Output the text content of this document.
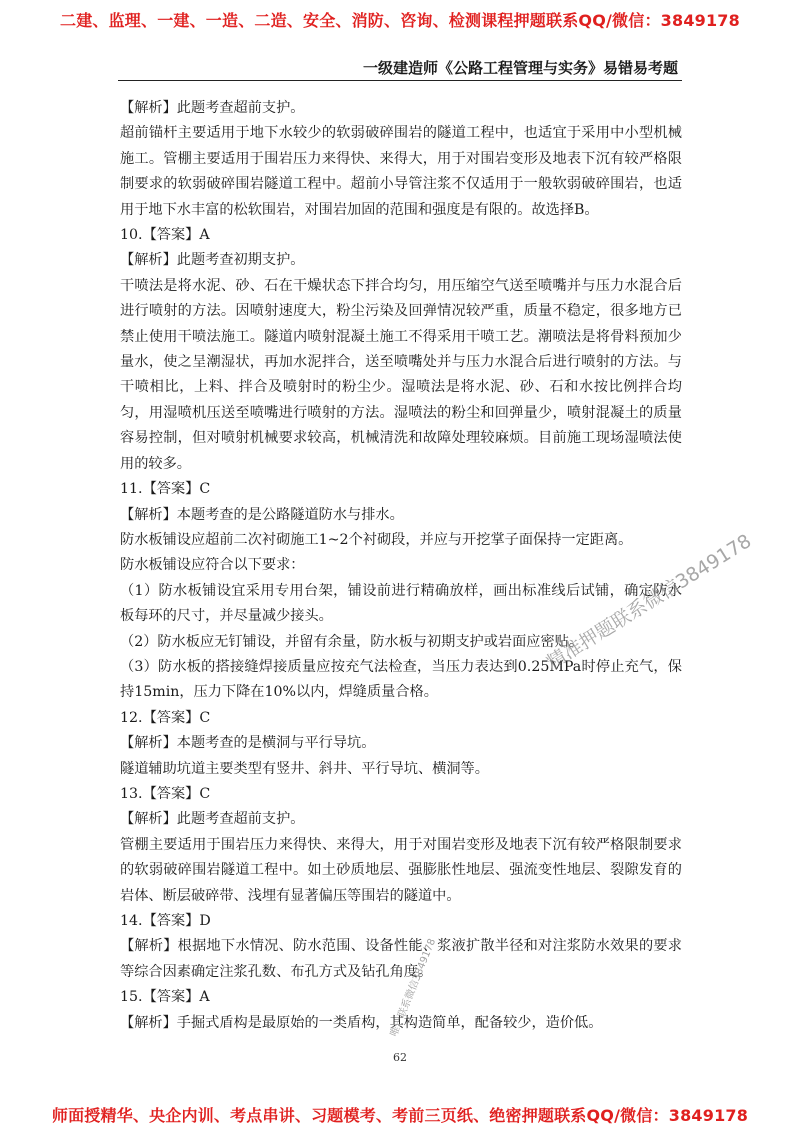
二建、监理、一建、一造、二造、安全、消防、咨询、检测课程押题联系QQ/微信：3849178
一级建造师《公路工程管理与实务》易错易考题

【解析】此题考查超前支护。

超前锚杆主要适用于地下水较少的软弱破碎围岩的隧道工程中，也适宜于采用中小型机械施工。管棚主要适用于围岩压力来得快、来得大，用于对围岩变形及地表下沉有较严格限制要求的软弱破碎围岩隧道工程中。超前小导管注浆不仅适用于一般软弱破碎围岩，也适用于地下水丰富的松软围岩，对围岩加固的范围和强度是有限的。故选择B。

10.【答案】A

【解析】此题考查初期支护。

干喷法是将水泥、砂、石在干燥状态下拌合均匀，用压缩空气送至喷嘴并与压力水混合后进行喷射的方法。因喷射速度大，粉尘污染及回弹情况较严重，质量不稳定，很多地方已禁止使用干喷法施工。隧道内喷射混凝土施工不得采用干喷工艺。潮喷法是将骨料预加少量水，使之呈潮湿状，再加水泥拌合，送至喷嘴处并与压力水混合后进行喷射的方法。与干喷相比，上料、拌合及喷射时的粉尘少。湿喷法是将水泥、砂、石和水按比例拌合均匀，用湿喷机压送至喷嘴进行喷射的方法。湿喷法的粉尘和回弹量少，喷射混凝土的质量容易控制，但对喷射机械要求较高，机械清洗和故障处理较麻烦。目前施工现场湿喷法使用的较多。

11.【答案】C

【解析】本题考查的是公路隧道防水与排水。

防水板铺设应超前二次衬砌施工1~2个衬砌段，并应与开挖掌子面保持一定距离。

防水板铺设应符合以下要求：

（1）防水板铺设宜采用专用台架，铺设前进行精确放样，画出标准线后试铺，确定防水板每环的尺寸，并尽量减少接头。

（2）防水板应无钉铺设，并留有余量，防水板与初期支护或岩面应密贴。

（3）防水板的搭接缝焊接质量应按充气法检查，当压力表达到0.25MPa时停止充气，保持15min，压力下降在10%以内，焊缝质量合格。

12.【答案】C

【解析】本题考查的是横洞与平行导坑。

隧道辅助坑道主要类型有竖井、斜井、平行导坑、横洞等。

13.【答案】C

【解析】此题考查超前支护。

管棚主要适用于围岩压力来得快、来得大，用于对围岩变形及地表下沉有较严格限制要求的软弱破碎围岩隧道工程中。如土砂质地层、强膨胀性地层、强流变性地层、裂隙发育的岩体、断层破碎带、浅埋有显著偏压等围岩的隧道中。

14.【答案】D

【解析】根据地下水情况、防水范围、设备性能、浆液扩散半径和对注浆防水效果的要求等综合因素确定注浆孔数、布孔方式及钻孔角度。

15.【答案】A

【解析】手掘式盾构是最原始的一类盾构，其构造简单，配备较少，造价低。

精准押题联系微信3849178
唯一联系微信3849178
62
师面授精华、央企内训、考点串讲、习题模考、考前三页纸、绝密押题联系QQ/微信：3849178
